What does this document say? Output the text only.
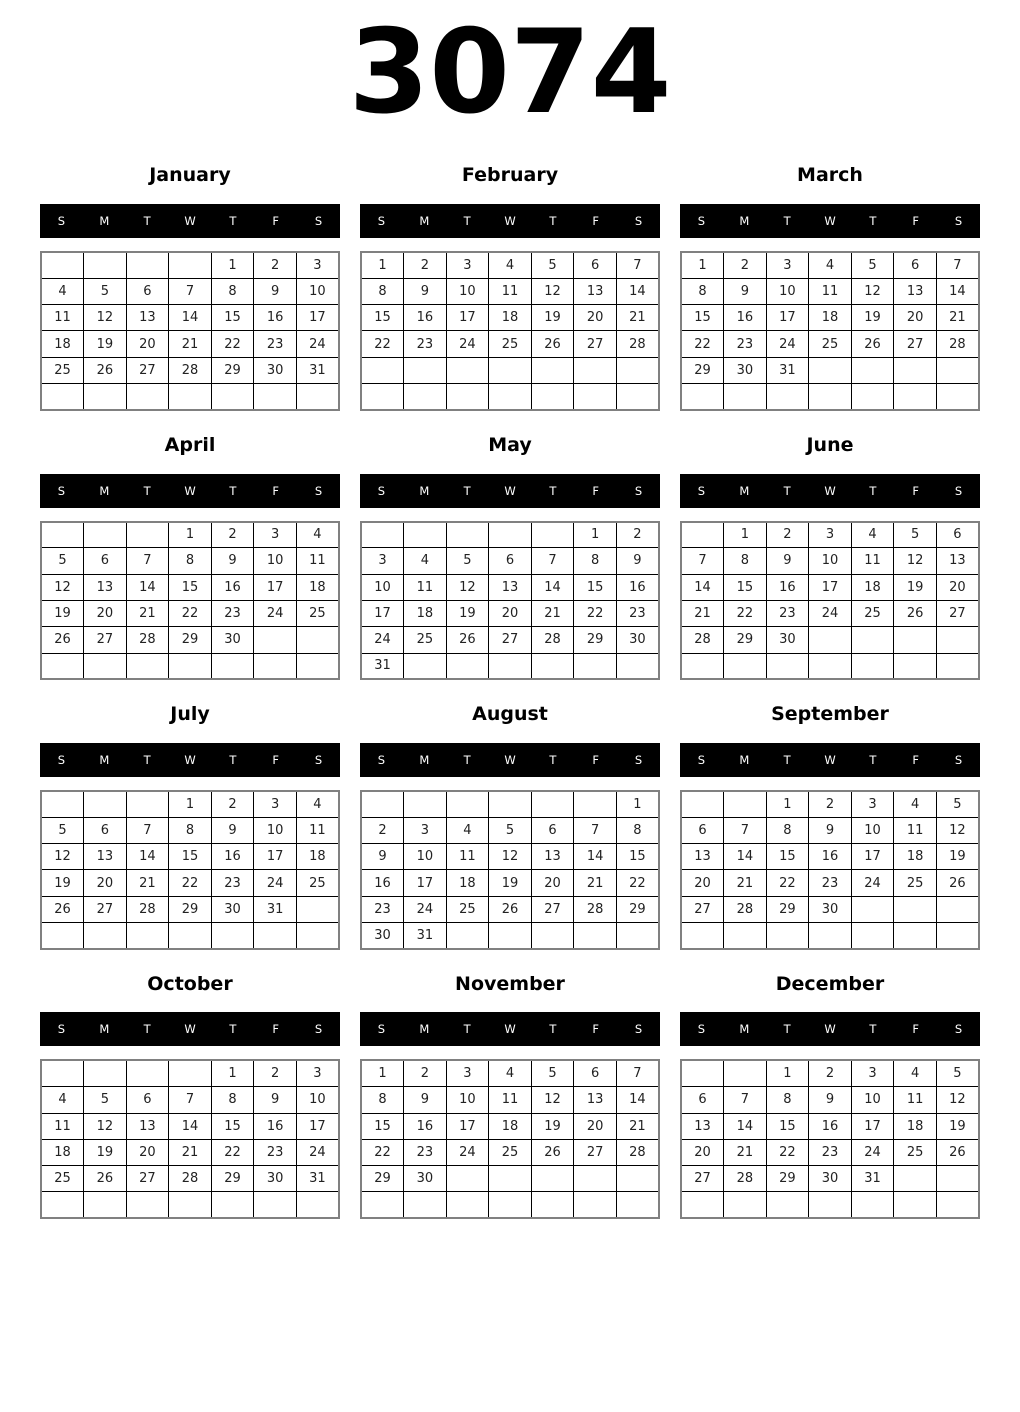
3074
January
S	M	T	W	T	F	S
				1	2	3
4	5	6	7	8	9	10
11	12	13	14	15	16	17
18	19	20	21	22	23	24
25	26	27	28	29	30	31

February
S	M	T	W	T	F	S
1	2	3	4	5	6	7
8	9	10	11	12	13	14
15	16	17	18	19	20	21
22	23	24	25	26	27	28

March
S	M	T	W	T	F	S
1	2	3	4	5	6	7
8	9	10	11	12	13	14
15	16	17	18	19	20	21
22	23	24	25	26	27	28
29	30	31				

April
S	M	T	W	T	F	S
			1	2	3	4
5	6	7	8	9	10	11
12	13	14	15	16	17	18
19	20	21	22	23	24	25
26	27	28	29	30		

May
S	M	T	W	T	F	S
					1	2
3	4	5	6	7	8	9
10	11	12	13	14	15	16
17	18	19	20	21	22	23
24	25	26	27	28	29	30
31						
June
S	M	T	W	T	F	S
	1	2	3	4	5	6
7	8	9	10	11	12	13
14	15	16	17	18	19	20
21	22	23	24	25	26	27
28	29	30				

July
S	M	T	W	T	F	S
			1	2	3	4
5	6	7	8	9	10	11
12	13	14	15	16	17	18
19	20	21	22	23	24	25
26	27	28	29	30	31	

August
S	M	T	W	T	F	S
						1
2	3	4	5	6	7	8
9	10	11	12	13	14	15
16	17	18	19	20	21	22
23	24	25	26	27	28	29
30	31					
September
S	M	T	W	T	F	S
		1	2	3	4	5
6	7	8	9	10	11	12
13	14	15	16	17	18	19
20	21	22	23	24	25	26
27	28	29	30			

October
S	M	T	W	T	F	S
				1	2	3
4	5	6	7	8	9	10
11	12	13	14	15	16	17
18	19	20	21	22	23	24
25	26	27	28	29	30	31

November
S	M	T	W	T	F	S
1	2	3	4	5	6	7
8	9	10	11	12	13	14
15	16	17	18	19	20	21
22	23	24	25	26	27	28
29	30					

December
S	M	T	W	T	F	S
		1	2	3	4	5
6	7	8	9	10	11	12
13	14	15	16	17	18	19
20	21	22	23	24	25	26
27	28	29	30	31		
